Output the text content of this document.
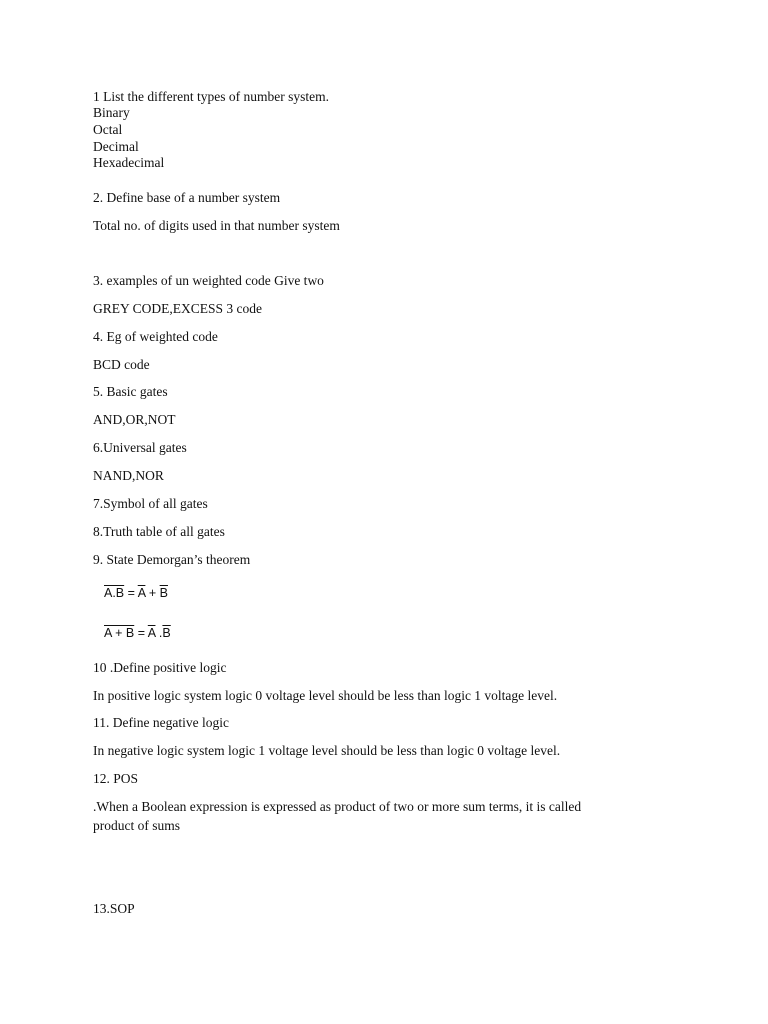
1 List the different types of number system.
Binary
Octal
Decimal
Hexadecimal
2. Define base of a number system
Total no. of digits used in that number system
3. examples of un weighted code Give two
GREY CODE,EXCESS 3 code
4. Eg of weighted code
BCD code
5. Basic gates
AND,OR,NOT
6.Universal gates
NAND,NOR
7.Symbol of all gates
8.Truth table of all gates
9. State Demorgan’s theorem
$A.B = \overline{A} + \overline{B}$
$A + B = \overline{A}$ $.\overline{B}$
10 .Define positive logic
In positive logic system logic 0 voltage level should be less than logic 1 voltage level.
11. Define negative logic
In negative logic system logic 1 voltage level should be less than logic 0 voltage level.
12. POS
.When a Boolean expression is expressed as product of two or more sum terms, it is called
product of sums
13.SOP
